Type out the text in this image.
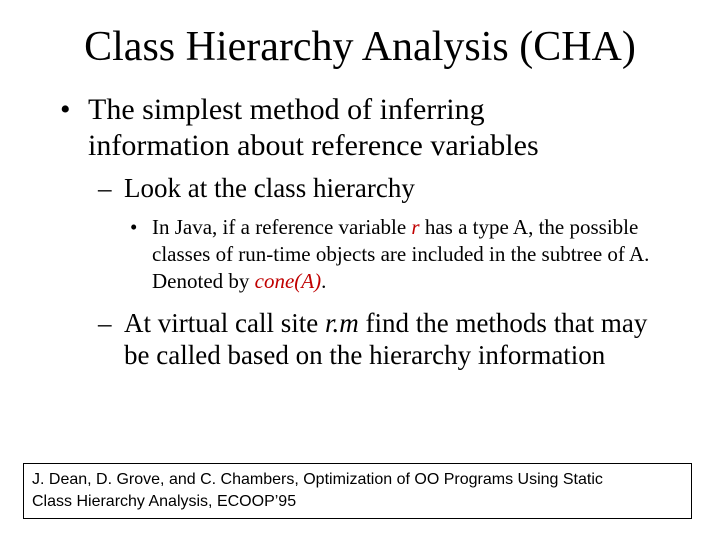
Class Hierarchy Analysis (CHA)
• The simplest method of inferring
information about reference variables
– Look at the class hierarchy
• In Java, if a reference variable r has a type A, the possible classes of run-time objects are included in the subtree of A. Denoted by cone(A).
– At virtual call site r.m find the methods that may be called based on the hierarchy information
J. Dean, D. Grove, and C. Chambers, Optimization of OO Programs Using Static
Class Hierarchy Analysis, ECOOP’95
